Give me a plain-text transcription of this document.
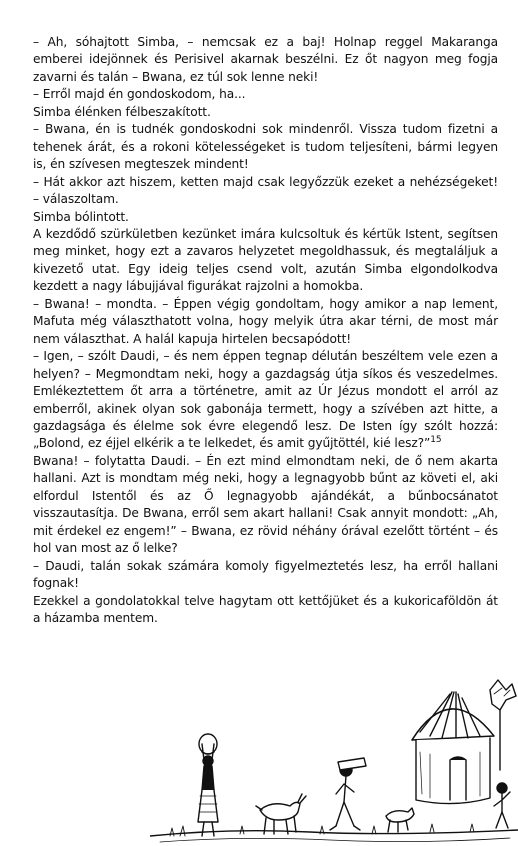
– Ah, sóhajtott Simba, – nemcsak ez a baj! Holnap reggel Makaranga emberei idejönnek és Perisivel akarnak beszélni. Ez őt nagyon meg fogja zavarni és talán – Bwana, ez túl sok lenne neki!

– Erről majd én gondoskodom, ha...

Simba élénken félbeszakított.

– Bwana, én is tudnék gondoskodni sok mindenről. Vissza tudom fizetni a tehenek árát, és a rokoni kötelességeket is tudom teljesíteni, bármi legyen is, én szívesen megteszek mindent!

– Hát akkor azt hiszem, ketten majd csak legyőzzük ezeket a nehézségeket! – válaszoltam.

Simba bólintott.

A kezdődő szürkületben kezünket imára kulcsoltuk és kértük Istent, segítsen meg minket, hogy ezt a zavaros helyzetet megoldhassuk, és megtaláljuk a kivezető utat. Egy ideig teljes csend volt, azután Simba elgondolkodva kezdett a nagy lábujjával figurákat rajzolni a homokba.

– Bwana! – mondta. – Éppen végig gondoltam, hogy amikor a nap lement, Mafuta még választhatott volna, hogy melyik útra akar térni, de most már nem választhat. A halál kapuja hirtelen becsapódott!

– Igen, – szólt Daudi, – és nem éppen tegnap délután beszéltem vele ezen a helyen? – Megmondtam neki, hogy a gazdagság útja síkos és veszedelmes. Emlékeztettem őt arra a történetre, amit az Úr Jézus mondott el arról az emberről, akinek olyan sok gabonája termett, hogy a szívében azt hitte, a gazdagsága és élelme sok évre elegendő lesz. De Isten így szólt hozzá: „Bolond, ez éjjel elkérik a te lelkedet, és amit gyűjtöttél, kié lesz?”$^{15}$

Bwana! – folytatta Daudi. – Én ezt mind elmondtam neki, de ő nem akarta hallani. Azt is mondtam még neki, hogy a legnagyobb bűnt az követi el, aki elfordul Istentől és az Ő legnagyobb ajándékát, a bűnbocsánatot visszautasítja. De Bwana, erről sem akart hallani! Csak annyit mondott: „Ah, mit érdekel ez engem!” – Bwana, ez rövid néhány órával ezelőtt történt – és hol van most az ő lelke?

– Daudi, talán sokak számára komoly figyelmeztetés lesz, ha erről hallani fognak!

Ezekkel a gondolatokkal telve hagytam ott kettőjüket és a kukoricaföldön át a házamba mentem.
